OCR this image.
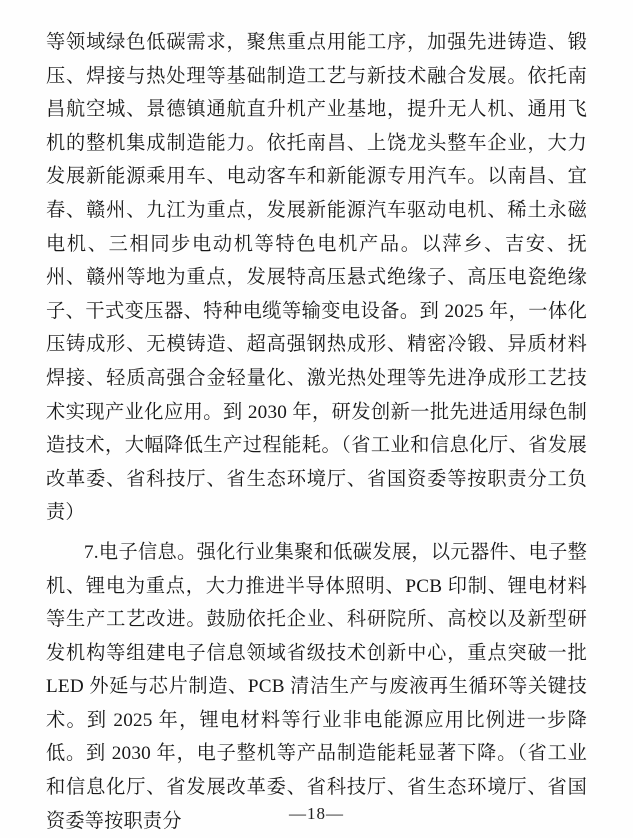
等领域绿色低碳需求，聚焦重点用能工序，加强先进铸造、锻压、焊接与热处理等基础制造工艺与新技术融合发展。依托南昌航空城、景德镇通航直升机产业基地，提升无人机、通用飞机的整机集成制造能力。依托南昌、上饶龙头整车企业，大力发展新能源乘用车、电动客车和新能源专用汽车。以南昌、宜春、赣州、九江为重点，发展新能源汽车驱动电机、稀土永磁电机、三相同步电动机等特色电机产品。以萍乡、吉安、抚州、赣州等地为重点，发展特高压悬式绝缘子、高压电瓷绝缘子、干式变压器、特种电缆等输变电设备。到 2025 年，一体化压铸成形、无模铸造、超高强钢热成形、精密冷锻、异质材料焊接、轻质高强合金轻量化、激光热处理等先进净成形工艺技术实现产业化应用。到 2030 年，研发创新一批先进适用绿色制造技术，大幅降低生产过程能耗。（省工业和信息化厅、省发展改革委、省科技厅、省生态环境厅、省国资委等按职责分工负责）

7.电子信息。强化行业集聚和低碳发展，以元器件、电子整机、锂电为重点，大力推进半导体照明、PCB 印制、锂电材料等生产工艺改进。鼓励依托企业、科研院所、高校以及新型研发机构等组建电子信息领域省级技术创新中心，重点突破一批 LED 外延与芯片制造、PCB 清洁生产与废液再生循环等关键技术。到 2025 年，锂电材料等行业非电能源应用比例进一步降低。到 2030 年，电子整机等产品制造能耗显著下降。（省工业和信息化厅、省发展改革委、省科技厅、省生态环境厅、省国资委等按职责分	—18—
